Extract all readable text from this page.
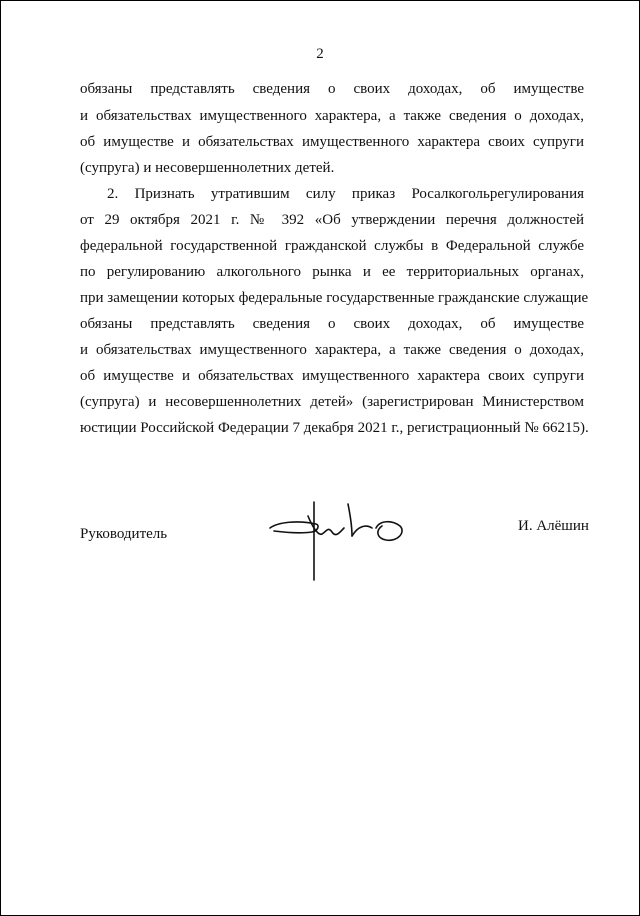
2
обязаны представлять сведения о своих доходах, об имуществе
и обязательствах имущественного характера, а также сведения о доходах,
об имуществе и обязательствах имущественного характера своих супруги
(супруга) и несовершеннолетних детей.
2. Признать утратившим силу приказ Росалкогольрегулирования
от 29 октября 2021 г. № 392 «Об утверждении перечня должностей
федеральной государственной гражданской службы в Федеральной службе
по регулированию алкогольного рынка и ее территориальных органах,
при замещении которых федеральные государственные гражданские служащие
обязаны представлять сведения о своих доходах, об имуществе
и обязательствах имущественного характера, а также сведения о доходах,
об имуществе и обязательствах имущественного характера своих супруги
(супруга) и несовершеннолетних детей» (зарегистрирован Министерством
юстиции Российской Федерации 7 декабря 2021 г., регистрационный № 66215).
Руководитель	И. Алёшин
